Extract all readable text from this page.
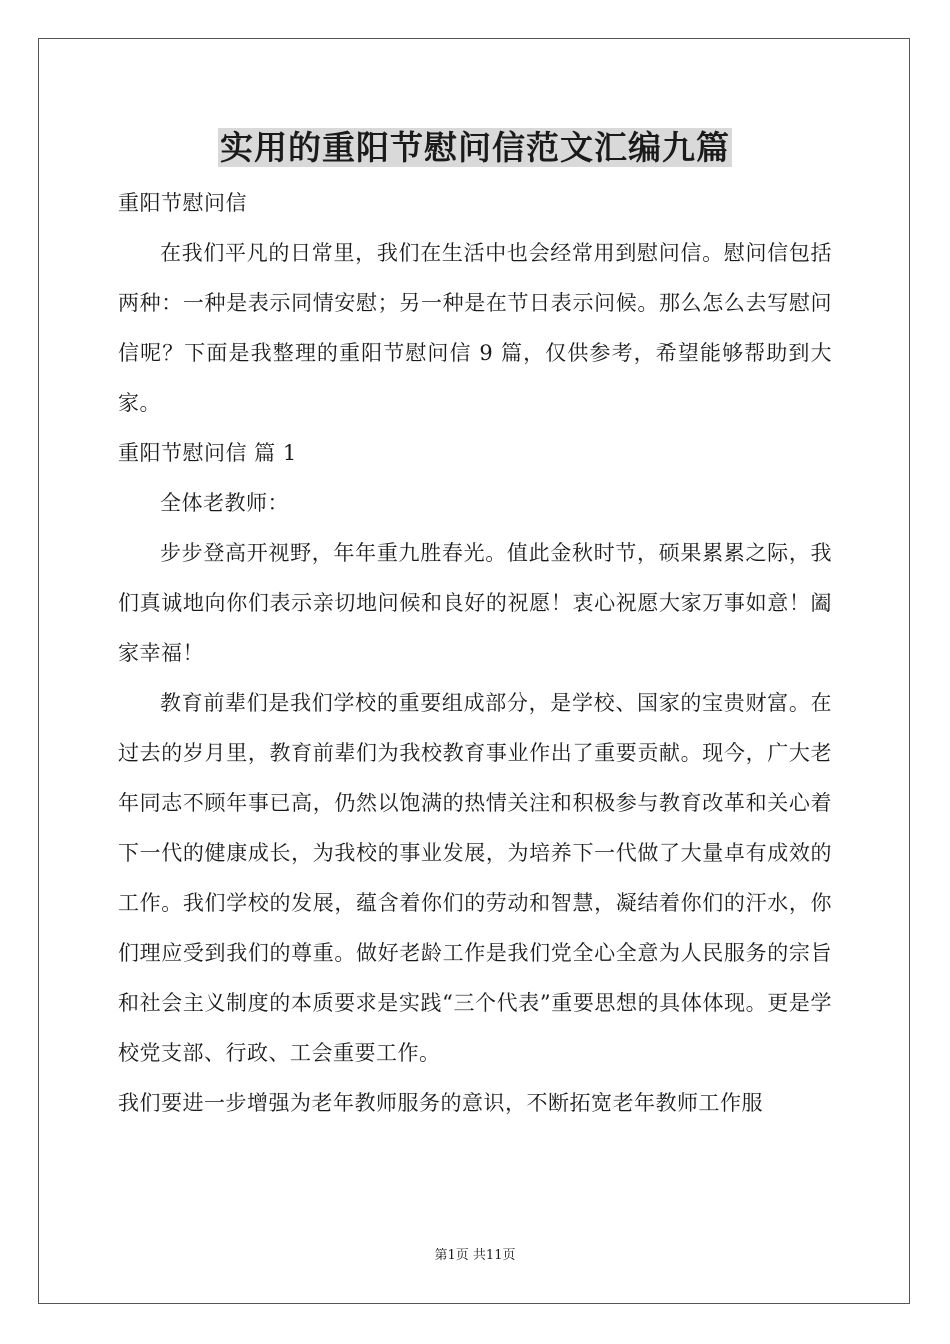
实用的重阳节慰问信范文汇编九篇

重阳节慰问信

在我们平凡的日常里，我们在生活中也会经常用到慰问信。慰问信包括两种：一种是表示同情安慰；另一种是在节日表示问候。那么怎么去写慰问信呢？下面是我整理的重阳节慰问信 9 篇，仅供参考，希望能够帮助到大家。

重阳节慰问信 篇 1

全体老教师：

步步登高开视野，年年重九胜春光。值此金秋时节，硕果累累之际，我们真诚地向你们表示亲切地问候和良好的祝愿！衷心祝愿大家万事如意！阖家幸福！

教育前辈们是我们学校的重要组成部分，是学校、国家的宝贵财富。在过去的岁月里，教育前辈们为我校教育事业作出了重要贡献。现今，广大老年同志不顾年事已高，仍然以饱满的热情关注和积极参与教育改革和关心着下一代的健康成长，为我校的事业发展，为培养下一代做了大量卓有成效的工作。我们学校的发展，蕴含着你们的劳动和智慧，凝结着你们的汗水，你们理应受到我们的尊重。做好老龄工作是我们党全心全意为人民服务的宗旨和社会主义制度的本质要求是实践“三个代表”重要思想的具体体现。更是学校党支部、行政、工会重要工作。

我们要进一步增强为老年教师服务的意识，不断拓宽老年教师工作服

第1页 共11页
